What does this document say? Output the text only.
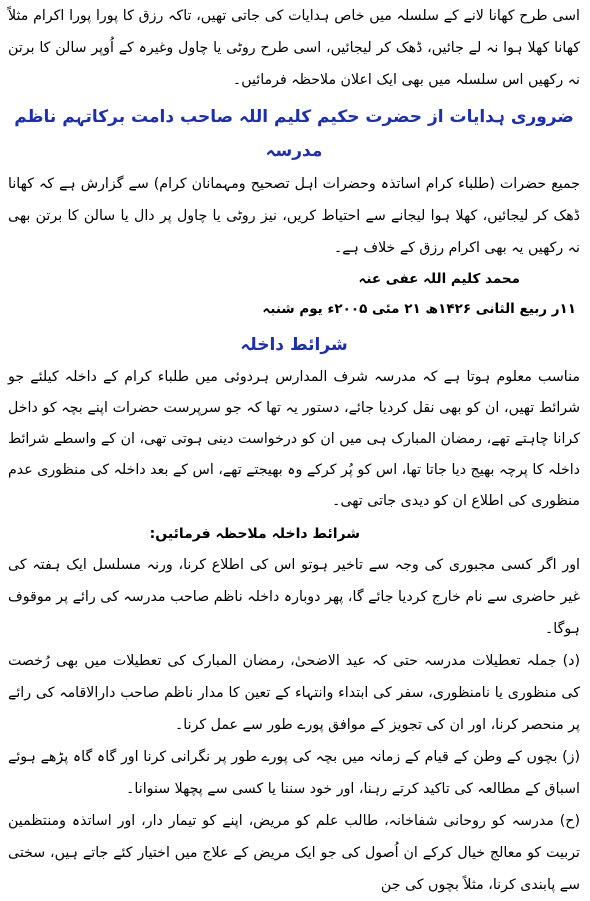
اسی طرح کھانا لانے کے سلسلہ میں خاص ہدایات کی جاتی تھیں، تاکہ رزق کا پورا پورا اکرام مثلاً کھانا کھلا ہوا نہ لے جائیں، ڈھک کر لیجائیں، اسی طرح روٹی یا چاول وغیرہ کے اُوپر سالن کا برتن نہ رکھیں اس سلسلہ میں بھی ایک اعلان ملاحظہ فرمائیں۔

ضروری ہدایات از حضرت حکیم کلیم اللہ صاحب دامت برکاتہم ناظم مدرسہ

جمیع حضرات (طلباء کرام اساتذہ وحضرات اہل تصحیح ومہمانان کرام) سے گزارش ہے کہ کھانا ڈھک کر لیجائیں، کھلا ہوا لیجانے سے احتیاط کریں، نیز روٹی یا چاول پر دال یا سالن کا برتن بھی نہ رکھیں یہ بھی اکرام رزق کے خلاف ہے۔

محمد کلیم اللہ عفی عنہ

۱۱ر ربیع الثانی ۱۴۲۶ھ ۲۱ مئی ۲۰۰۵ء یوم شنبہ

شرائط داخلہ

مناسب معلوم ہوتا ہے کہ مدرسہ شرف المدارس ہردوئی میں طلباء کرام کے داخلہ کیلئے جو شرائط تھیں، ان کو بھی نقل کردیا جائے، دستور یہ تھا کہ جو سرپرست حضرات اپنے بچہ کو داخل کرانا چاہتے تھے، رمضان المبارک ہی میں ان کو درخواست دینی ہوتی تھی، ان کے واسطے شرائط داخلہ کا پرچہ بھیج دیا جاتا تھا، اس کو پُر کرکے وہ بھیجتے تھے، اس کے بعد داخلہ کی منظوری عدم منظوری کی اطلاع ان کو دیدی جاتی تھی۔

شرائط داخلہ ملاحظہ فرمائیں:

اور اگر کسی مجبوری کی وجہ سے تاخیر ہوتو اس کی اطلاع کرنا، ورنہ مسلسل ایک ہفتہ کی غیر حاضری سے نام خارج کردیا جائے گا، پھر دوبارہ داخلہ ناظم صاحب مدرسہ کی رائے پر موقوف ہوگا۔

(د) جملہ تعطیلات مدرسہ حتی کہ عید الاضحیٰ، رمضان المبارک کی تعطیلات میں بھی رُخصت کی منظوری یا نامنظوری، سفر کی ابتداء وانتہاء کے تعین کا مدار ناظم صاحب دارالاقامہ کی رائے پر منحصر کرنا، اور ان کی تجویز کے موافق پورے طور سے عمل کرنا۔

(ز) بچوں کے وطن کے قیام کے زمانہ میں بچہ کی پورے طور پر نگرانی کرنا اور گاہ گاہ پڑھے ہوئے اسباق کے مطالعہ کی تاکید کرتے رہنا، اور خود سننا یا کسی سے پچھلا سنوانا۔

(ح) مدرسہ کو روحانی شفاخانہ، طالب علم کو مریض، اپنے کو تیمار دار، اور اساتذہ ومنتظمین تربیت کو معالج خیال کرکے ان اُصول کی جو ایک مریض کے علاج میں اختیار کئے جاتے ہیں، سختی سے پابندی کرنا، مثلاً بچوں کی جن
